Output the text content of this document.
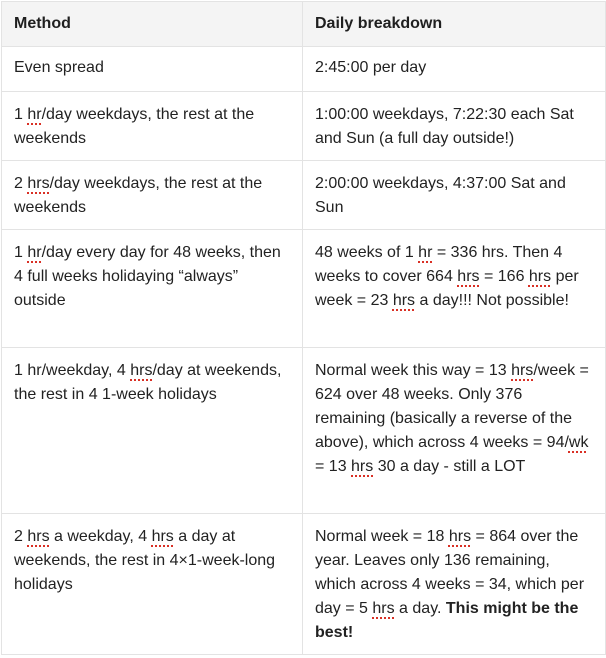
Method	Daily breakdown
Even spread	2:45:00 per day
1 hr/day weekdays, the rest at the weekends	1:00:00 weekdays, 7:22:30 each Sat and Sun (a full day outside!)
2 hrs/day weekdays, the rest at the weekends	2:00:00 weekdays, 4:37:00 Sat and Sun
1 hr/day every day for 48 weeks, then 4 full weeks holidaying “always” outside	48 weeks of 1 hr = 336 hrs. Then 4 weeks to cover 664 hrs = 166 hrs per week = 23 hrs a day!!! Not possible!
1 hr/weekday, 4 hrs/day at weekends, the rest in 4 1-week holidays	Normal week this way = 13 hrs/week = 624 over 48 weeks. Only 376 remaining (basically a reverse of the above), which across 4 weeks = 94/wk = 13 hrs 30 a day - still a LOT
2 hrs a weekday, 4 hrs a day at weekends, the rest in 4×1-week-long holidays	Normal week = 18 hrs = 864 over the year. Leaves only 136 remaining, which across 4 weeks = 34, which per day = 5 hrs a day. This might be the best!
